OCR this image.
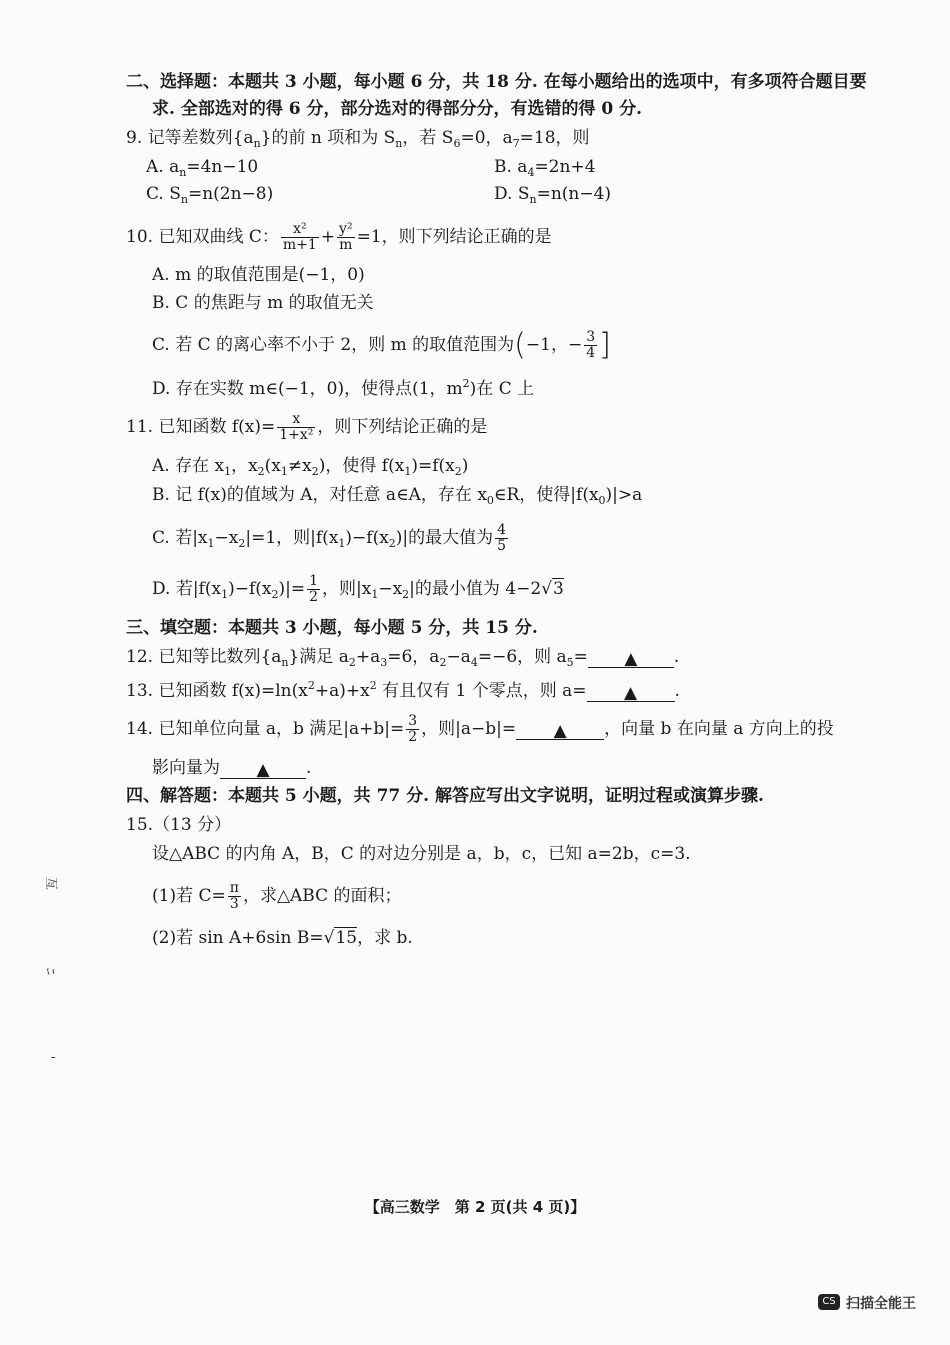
二、选择题：本题共 3 小题，每小题 6 分，共 18 分. 在每小题给出的选项中，有多项符合题目要
求. 全部选对的得 6 分，部分选对的得部分分，有选错的得 0 分.
9. 记等差数列$\{a_n\}$的前 n 项和为 $S_n$，若 $S_6=0$，$a_7=18$，则
A. $a_n=4n-10$	B. $a_4=2n+4$
C. $S_n=n(2n-8)$	D. $S_n=n(n-4)$
10. 已知双曲线 C： $\frac{\text{x²}}{m+1} + \frac{\text{y²}}{m} =1$，则下列结论正确的是
A. m 的取值范围是(−1，0)
B. C 的焦距与 m 的取值无关
C. 若 C 的离心率不小于 2，则 m 的取值范围为(−1，− $\frac{3}{4}$ ]
D. 存在实数 m∈(−1，0)，使得点(1，$m^2$)在 C 上
11. 已知函数 $f(x)= \frac{x}{\text{1+x²}}$ ，则下列结论正确的是
A. 存在 $x_1$，$x_2(x_1\ne x_2)$，使得 $f(x_1)=f(x_2)$
B. 记 f(x)的值域为 A，对任意 a∈A，存在 $x_0\in R$，使得$|f(x_0)|>a$
C. 若$|x_1-x_2|=1$，则$|f(x_1)-f(x_2)|$的最大值为 $\frac{4}{5}$
D. 若$|f(x_1)-f(x_2)|= \frac{1}{2}$ ，则$|x_1-x_2|$的最小值为 4−2√3
三、填空题：本题共 3 小题，每小题 5 分，共 15 分.
12. 已知等比数列$\{a_n\}$满足 $a_2+a_3=6$，$a_2-a_4=-6$，则 $a_5=$ ▲ .
13. 已知函数 $f(x)=\ln(x^2+a)+x^2$ 有且仅有 1 个零点，则 a= ▲ .
14. 已知单位向量 a，b 满足$|a+b|= \frac{3}{2}$ ，则|a−b|= ▲ ，向量 b 在向量 a 方向上的投
影向量为 ▲ .
四、解答题：本题共 5 小题，共 77 分. 解答应写出文字说明，证明过程或演算步骤.
15.（13 分）
设△ABC 的内角 A，B，C 的对边分别是 a，b，c，已知 a=2b，c=3.
(1)若 $C= \frac{\pi}{3}$ ，求△ABC 的面积；
(2)若 sin A+6sin B=√15，求 b.
亙
ﾆ
ˉ
【高三数学　第 2 页(共 4 页)】
CS 扫描全能王
